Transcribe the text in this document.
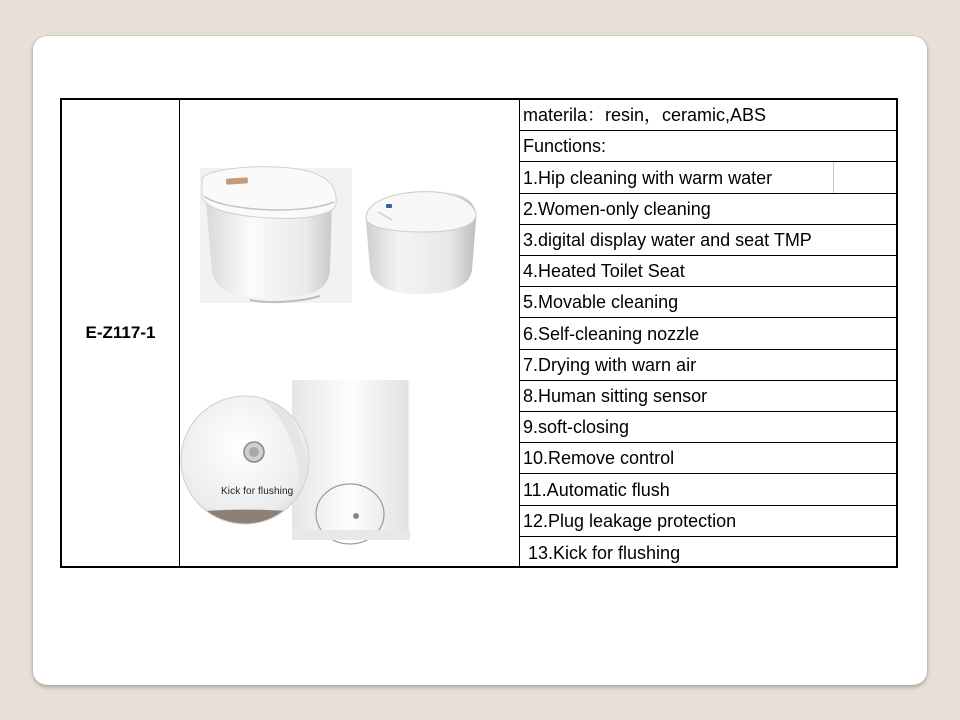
E-Z117-1
Kick for flushing
materila：resin，ceramic,ABS
Functions:
1.Hip cleaning with warm water
2.Women-only cleaning
3.digital display water and seat TMP
4.Heated Toilet Seat
5.Movable cleaning
6.Self-cleaning nozzle
7.Drying with warn air
8.Human sitting sensor
9.soft-closing
10.Remove control
11.Automatic flush
12.Plug leakage protection
13.Kick for flushing
